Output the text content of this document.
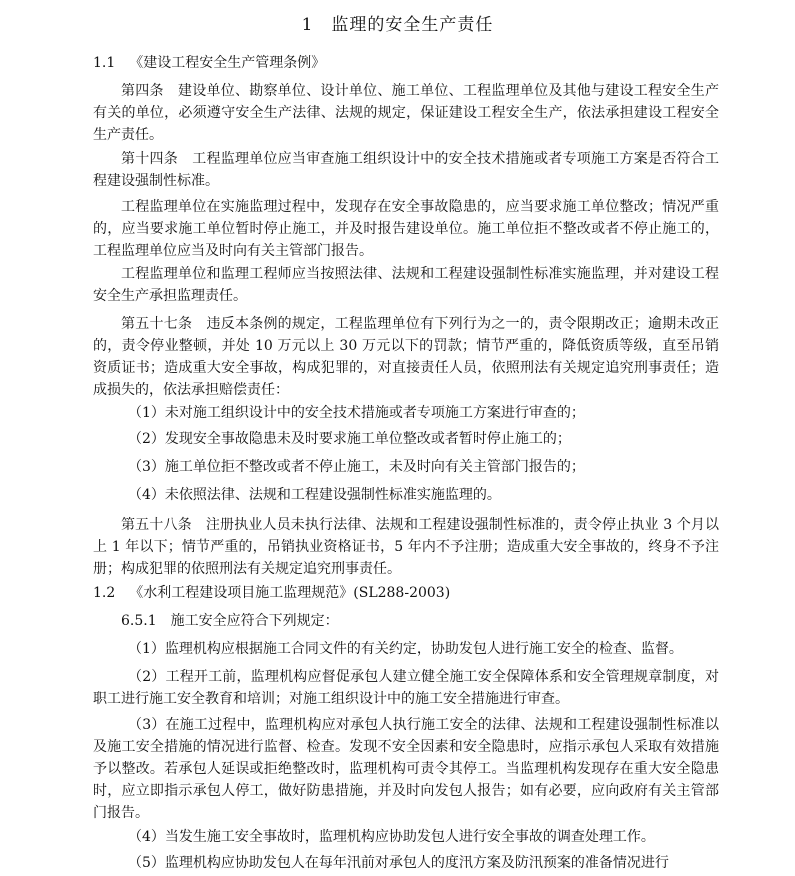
1　监理的安全生产责任
1.1 《建设工程安全生产管理条例》

第四条　建设单位、勘察单位、设计单位、施工单位、工程监理单位及其他与建设工程安全生产有关的单位，必须遵守安全生产法律、法规的规定，保证建设工程安全生产，依法承担建设工程安全生产责任。

第十四条　工程监理单位应当审查施工组织设计中的安全技术措施或者专项施工方案是否符合工程建设强制性标准。

工程监理单位在实施监理过程中，发现存在安全事故隐患的，应当要求施工单位整改；情况严重的，应当要求施工单位暂时停止施工，并及时报告建设单位。施工单位拒不整改或者不停止施工的，工程监理单位应当及时向有关主管部门报告。

工程监理单位和监理工程师应当按照法律、法规和工程建设强制性标准实施监理，并对建设工程安全生产承担监理责任。

第五十七条　违反本条例的规定，工程监理单位有下列行为之一的，责令限期改正；逾期未改正的，责令停业整顿，并处 10 万元以上 30 万元以下的罚款；情节严重的，降低资质等级，直至吊销资质证书；造成重大安全事故，构成犯罪的，对直接责任人员，依照刑法有关规定追究刑事责任；造成损失的，依法承担赔偿责任：

（1）未对施工组织设计中的安全技术措施或者专项施工方案进行审查的；

（2）发现安全事故隐患未及时要求施工单位整改或者暂时停止施工的；

（3）施工单位拒不整改或者不停止施工，未及时向有关主管部门报告的；

（4）未依照法律、法规和工程建设强制性标准实施监理的。

第五十八条　注册执业人员未执行法律、法规和工程建设强制性标准的，责令停止执业 3 个月以上 1 年以下；情节严重的，吊销执业资格证书，5 年内不予注册；造成重大安全事故的，终身不予注册；构成犯罪的依照刑法有关规定追究刑事责任。

1.2 《水利工程建设项目施工监理规范》(SL288-2003)

6.5.1　施工安全应符合下列规定：

（1）监理机构应根据施工合同文件的有关约定，协助发包人进行施工安全的检查、监督。

（2）工程开工前，监理机构应督促承包人建立健全施工安全保障体系和安全管理规章制度，对职工进行施工安全教育和培训；对施工组织设计中的施工安全措施进行审查。

（3）在施工过程中，监理机构应对承包人执行施工安全的法律、法规和工程建设强制性标准以及施工安全措施的情况进行监督、检查。发现不安全因素和安全隐患时，应指示承包人采取有效措施予以整改。若承包人延误或拒绝整改时，监理机构可责令其停工。当监理机构发现存在重大安全隐患时，应立即指示承包人停工，做好防患措施，并及时向发包人报告；如有必要，应向政府有关主管部门报告。

（4）当发生施工安全事故时，监理机构应协助发包人进行安全事故的调查处理工作。

（5）监理机构应协助发包人在每年汛前对承包人的度汛方案及防汛预案的准备情况进行
